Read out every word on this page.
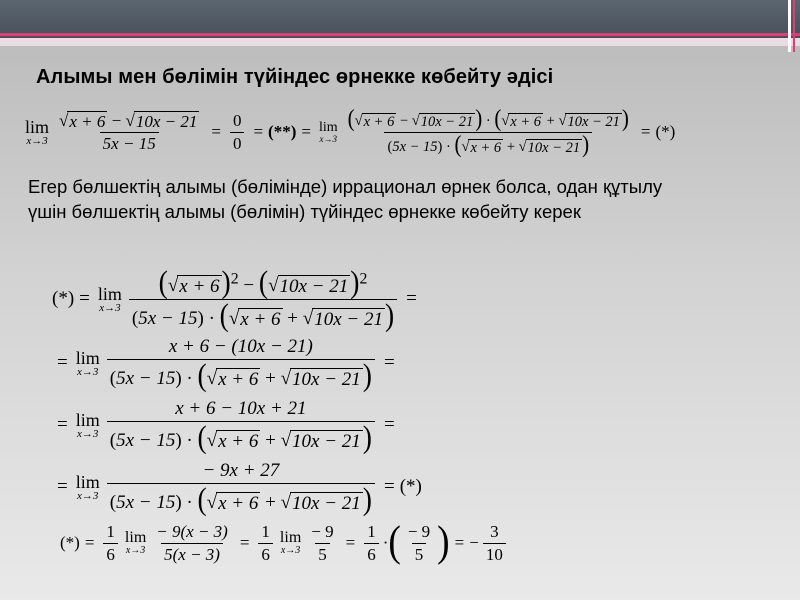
Алымы мен бөлімін түйіндес өрнекке көбейту әдісі
lim
$x\to 3 \frac{√ x + 6 - √ 10x - 21}{5x - 15} = \frac{0}{0}$ = (**) = lim
$x\to 3 \frac{( √ x + 6 - √ 10x - 21 ) \cdot ( √ x + 6 + √ 10x - 21 )}{(5x - 15) \cdot ( √ x + 6 + √ 10x - 21 )}$ = (*)
Егер бөлшектің алымы (бөлімінде) иррационал өрнек болса, одан құтылу үшін бөлшектің алымы (бөлімін) түйіндес өрнекке көбейту керек
(*) = lim
$x\to 3 \frac{( √ x + 6 )^2 - ( √ 10x - 21 )^2}{(5x - 15) \cdot ( √ x + 6 + √ 10x - 21 )}$ =
= lim
$x\to 3 \frac{x + 6 - (10x - 21)}{(5x - 15) \cdot ( √ x + 6 + √ 10x - 21 )}$ =
= lim
$x\to 3 \frac{x + 6 - 10x + 21}{(5x - 15) \cdot ( √ x + 6 + √ 10x - 21 )}$ =
= lim
$x\to 3 \frac{- 9x + 27}{(5x - 15) \cdot ( √ x + 6 + √ 10x - 21 )}$ = (*)
(*) = $\frac{1}{6}$ lim
$x\to 3 \frac{- 9(x - 3)}{5(x - 3)} = \frac{1}{6}$ lim
$x\to 3 \frac{- 9}{5} = \frac{1}{6}$ · ( $\frac{- 9}{5}$ ) = − $\frac{3}{10}$
